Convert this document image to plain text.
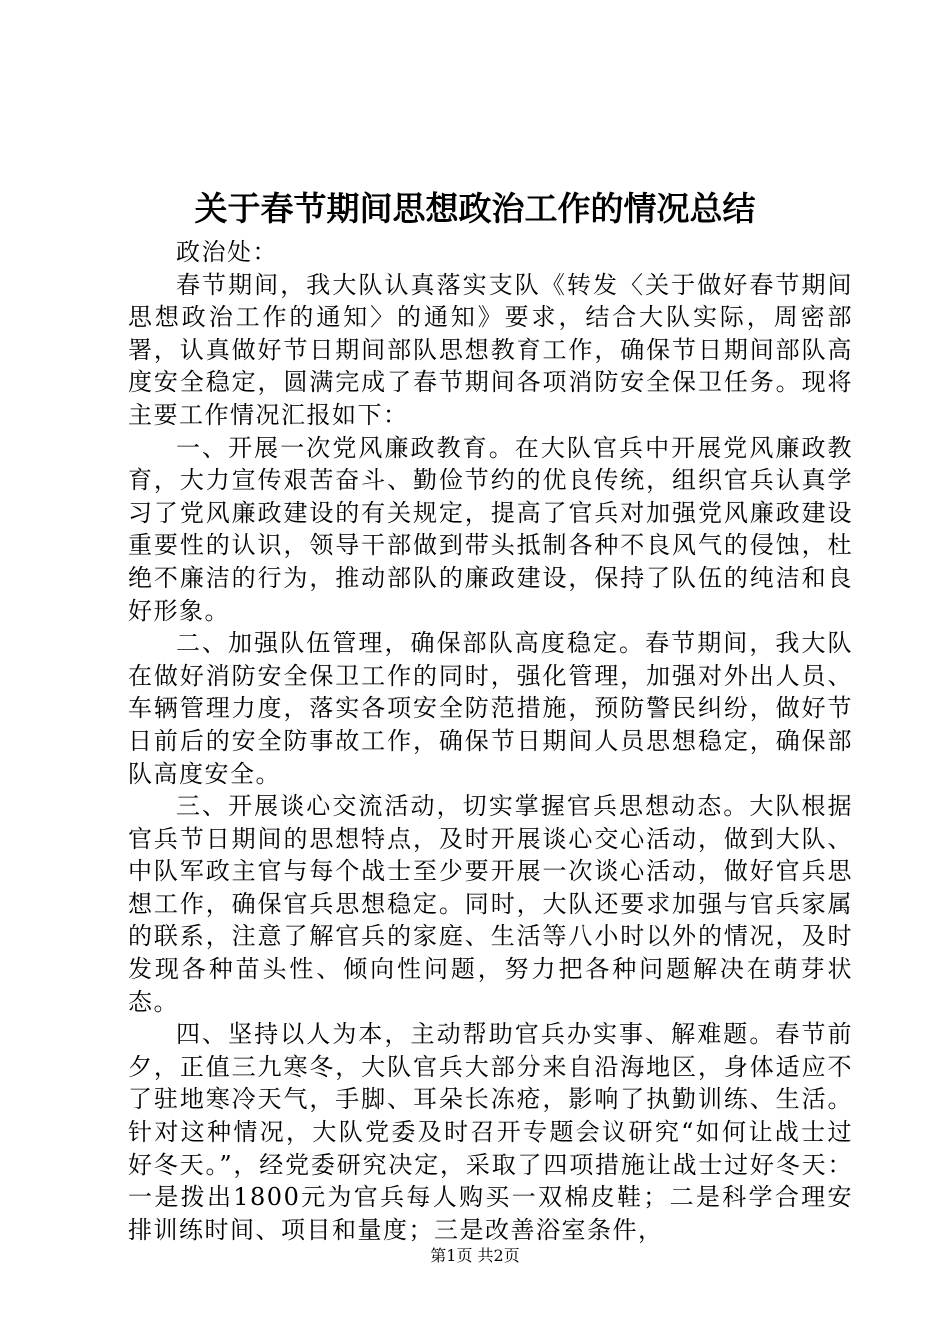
关于春节期间思想政治工作的情况总结

政治处：

春节期间，我大队认真落实支队《转发〈关于做好春节期间思想政治工作的通知〉的通知》要求，结合大队实际，周密部署，认真做好节日期间部队思想教育工作，确保节日期间部队高度安全稳定，圆满完成了春节期间各项消防安全保卫任务。现将主要工作情况汇报如下：

一、开展一次党风廉政教育。在大队官兵中开展党风廉政教育，大力宣传艰苦奋斗、勤俭节约的优良传统，组织官兵认真学习了党风廉政建设的有关规定，提高了官兵对加强党风廉政建设重要性的认识，领导干部做到带头抵制各种不良风气的侵蚀，杜绝不廉洁的行为，推动部队的廉政建设，保持了队伍的纯洁和良好形象。

二、加强队伍管理，确保部队高度稳定。春节期间，我大队在做好消防安全保卫工作的同时，强化管理，加强对外出人员、车辆管理力度，落实各项安全防范措施，预防警民纠纷，做好节日前后的安全防事故工作，确保节日期间人员思想稳定，确保部队高度安全。

三、开展谈心交流活动，切实掌握官兵思想动态。大队根据官兵节日期间的思想特点，及时开展谈心交心活动，做到大队、中队军政主官与每个战士至少要开展一次谈心活动，做好官兵思想工作，确保官兵思想稳定。同时，大队还要求加强与官兵家属的联系，注意了解官兵的家庭、生活等八小时以外的情况，及时发现各种苗头性、倾向性问题，努力把各种问题解决在萌芽状态。

四、坚持以人为本，主动帮助官兵办实事、解难题。春节前夕，正值三九寒冬，大队官兵大部分来自沿海地区，身体适应不了驻地寒冷天气，手脚、耳朵长冻疮，影响了执勤训练、生活。针对这种情况，大队党委及时召开专题会议研究“如何让战士过好冬天。”，经党委研究决定，采取了四项措施让战士过好冬天：一是拨出1800元为官兵每人购买一双棉皮鞋；二是科学合理安排训练时间、项目和量度；三是改善浴室条件，

第1页 共2页
